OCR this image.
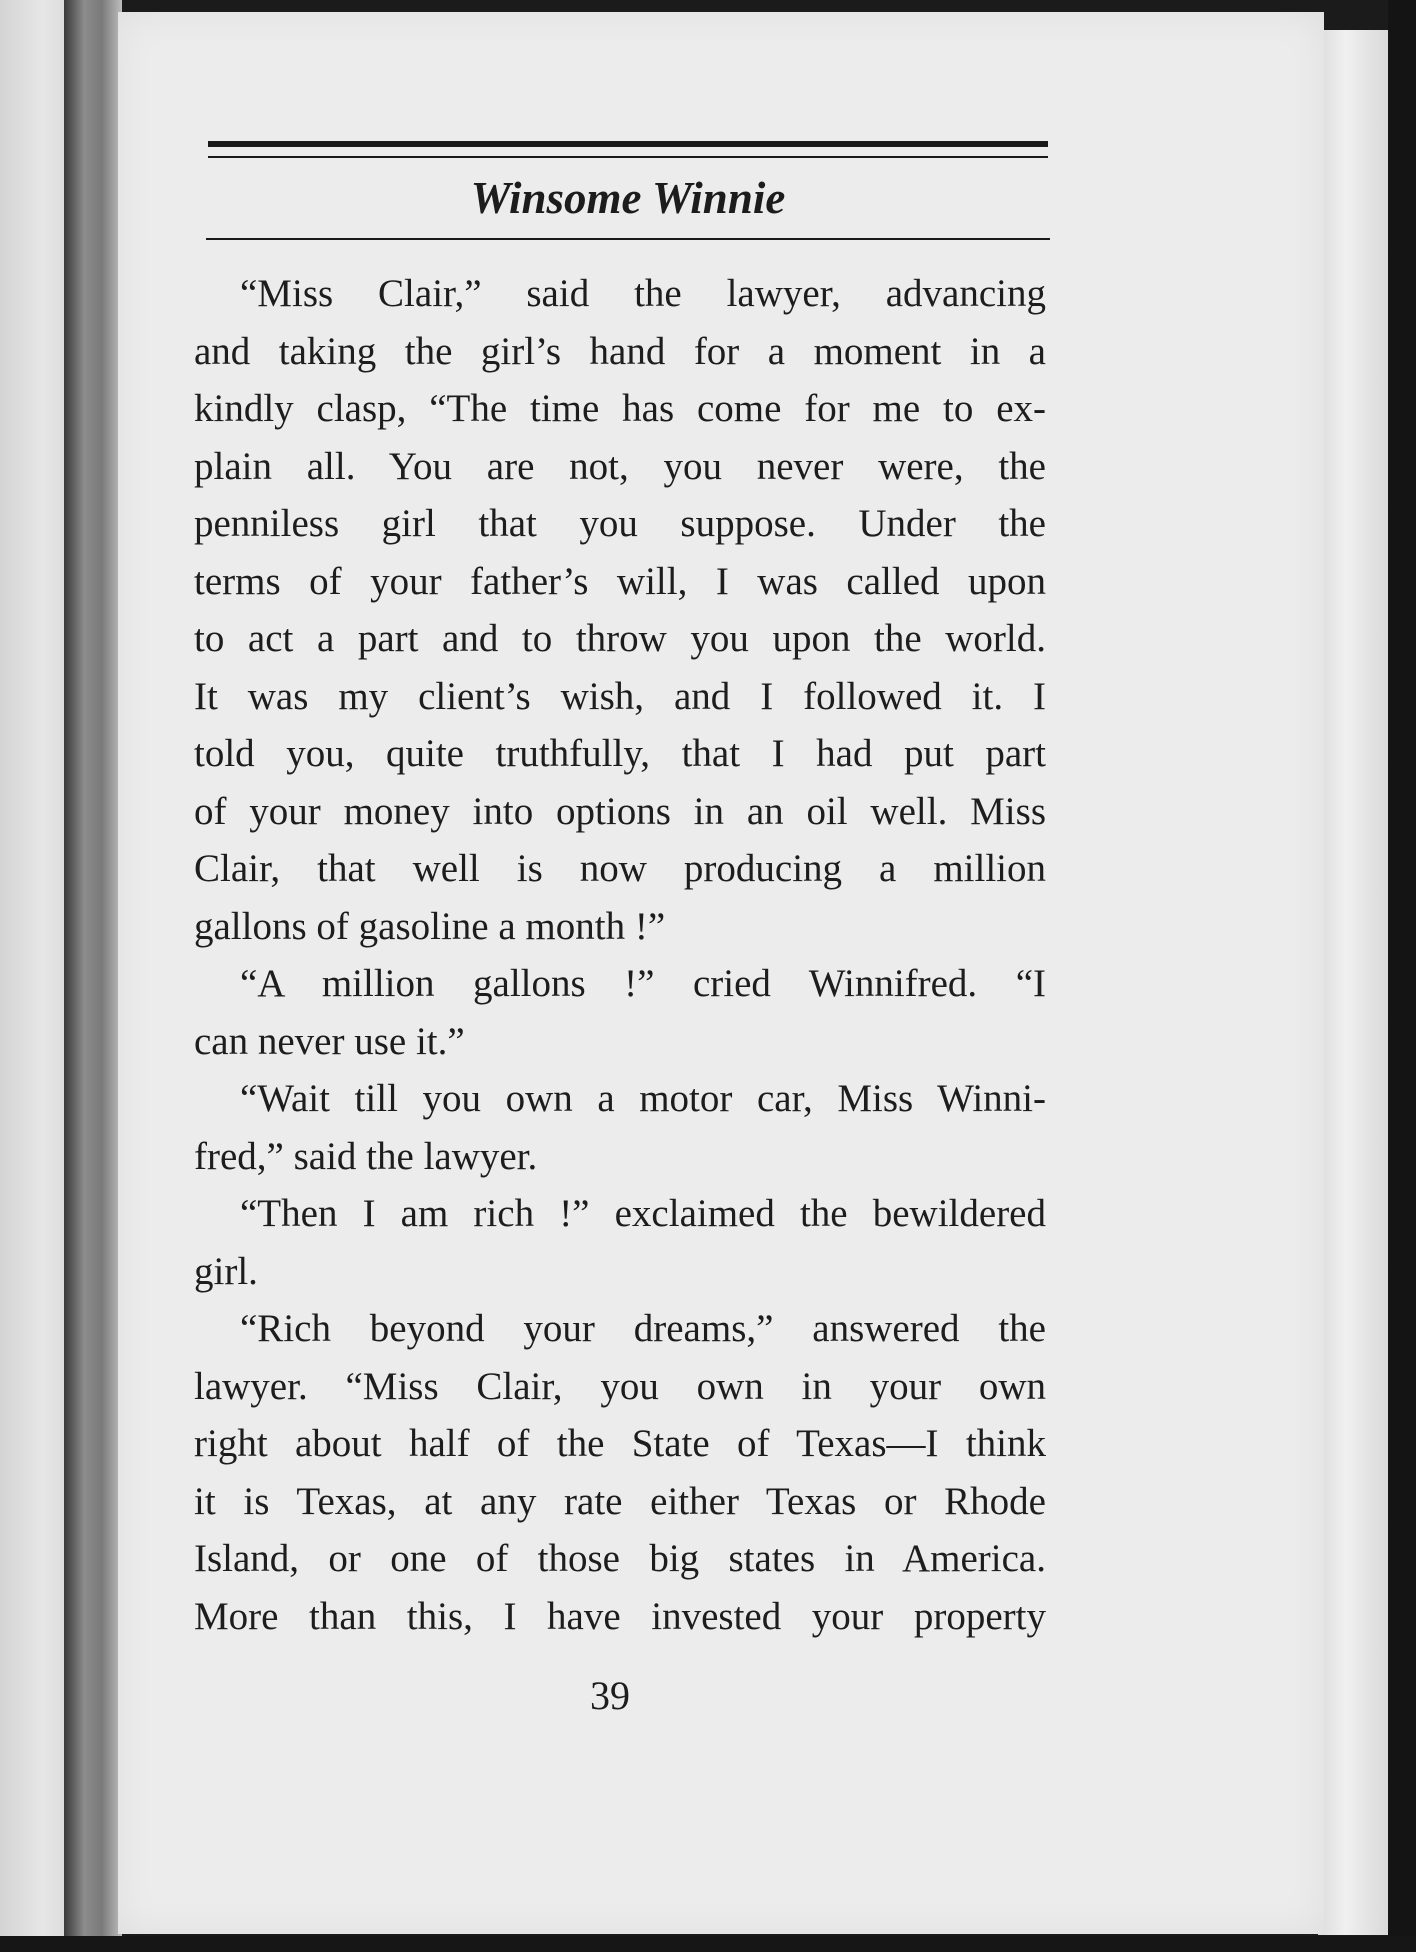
Winsome Winnie
“Miss Clair,” said the lawyer, advancing
and taking the girl’s hand for a moment in a
kindly clasp, “The time has come for me to ex-
plain all. You are not, you never were, the
penniless girl that you suppose. Under the
terms of your father’s will, I was called upon
to act a part and to throw you upon the world.
It was my client’s wish, and I followed it. I
told you, quite truthfully, that I had put part
of your money into options in an oil well. Miss
Clair, that well is now producing a million
gallons of gasoline a month !”
“A million gallons !” cried Winnifred. “I
can never use it.”
“Wait till you own a motor car, Miss Winni-
fred,” said the lawyer.
“Then I am rich !” exclaimed the bewildered
girl.
“Rich beyond your dreams,” answered the
lawyer. “Miss Clair, you own in your own
right about half of the State of Texas—I think
it is Texas, at any rate either Texas or Rhode
Island, or one of those big states in America.
More than this, I have invested your property
39
